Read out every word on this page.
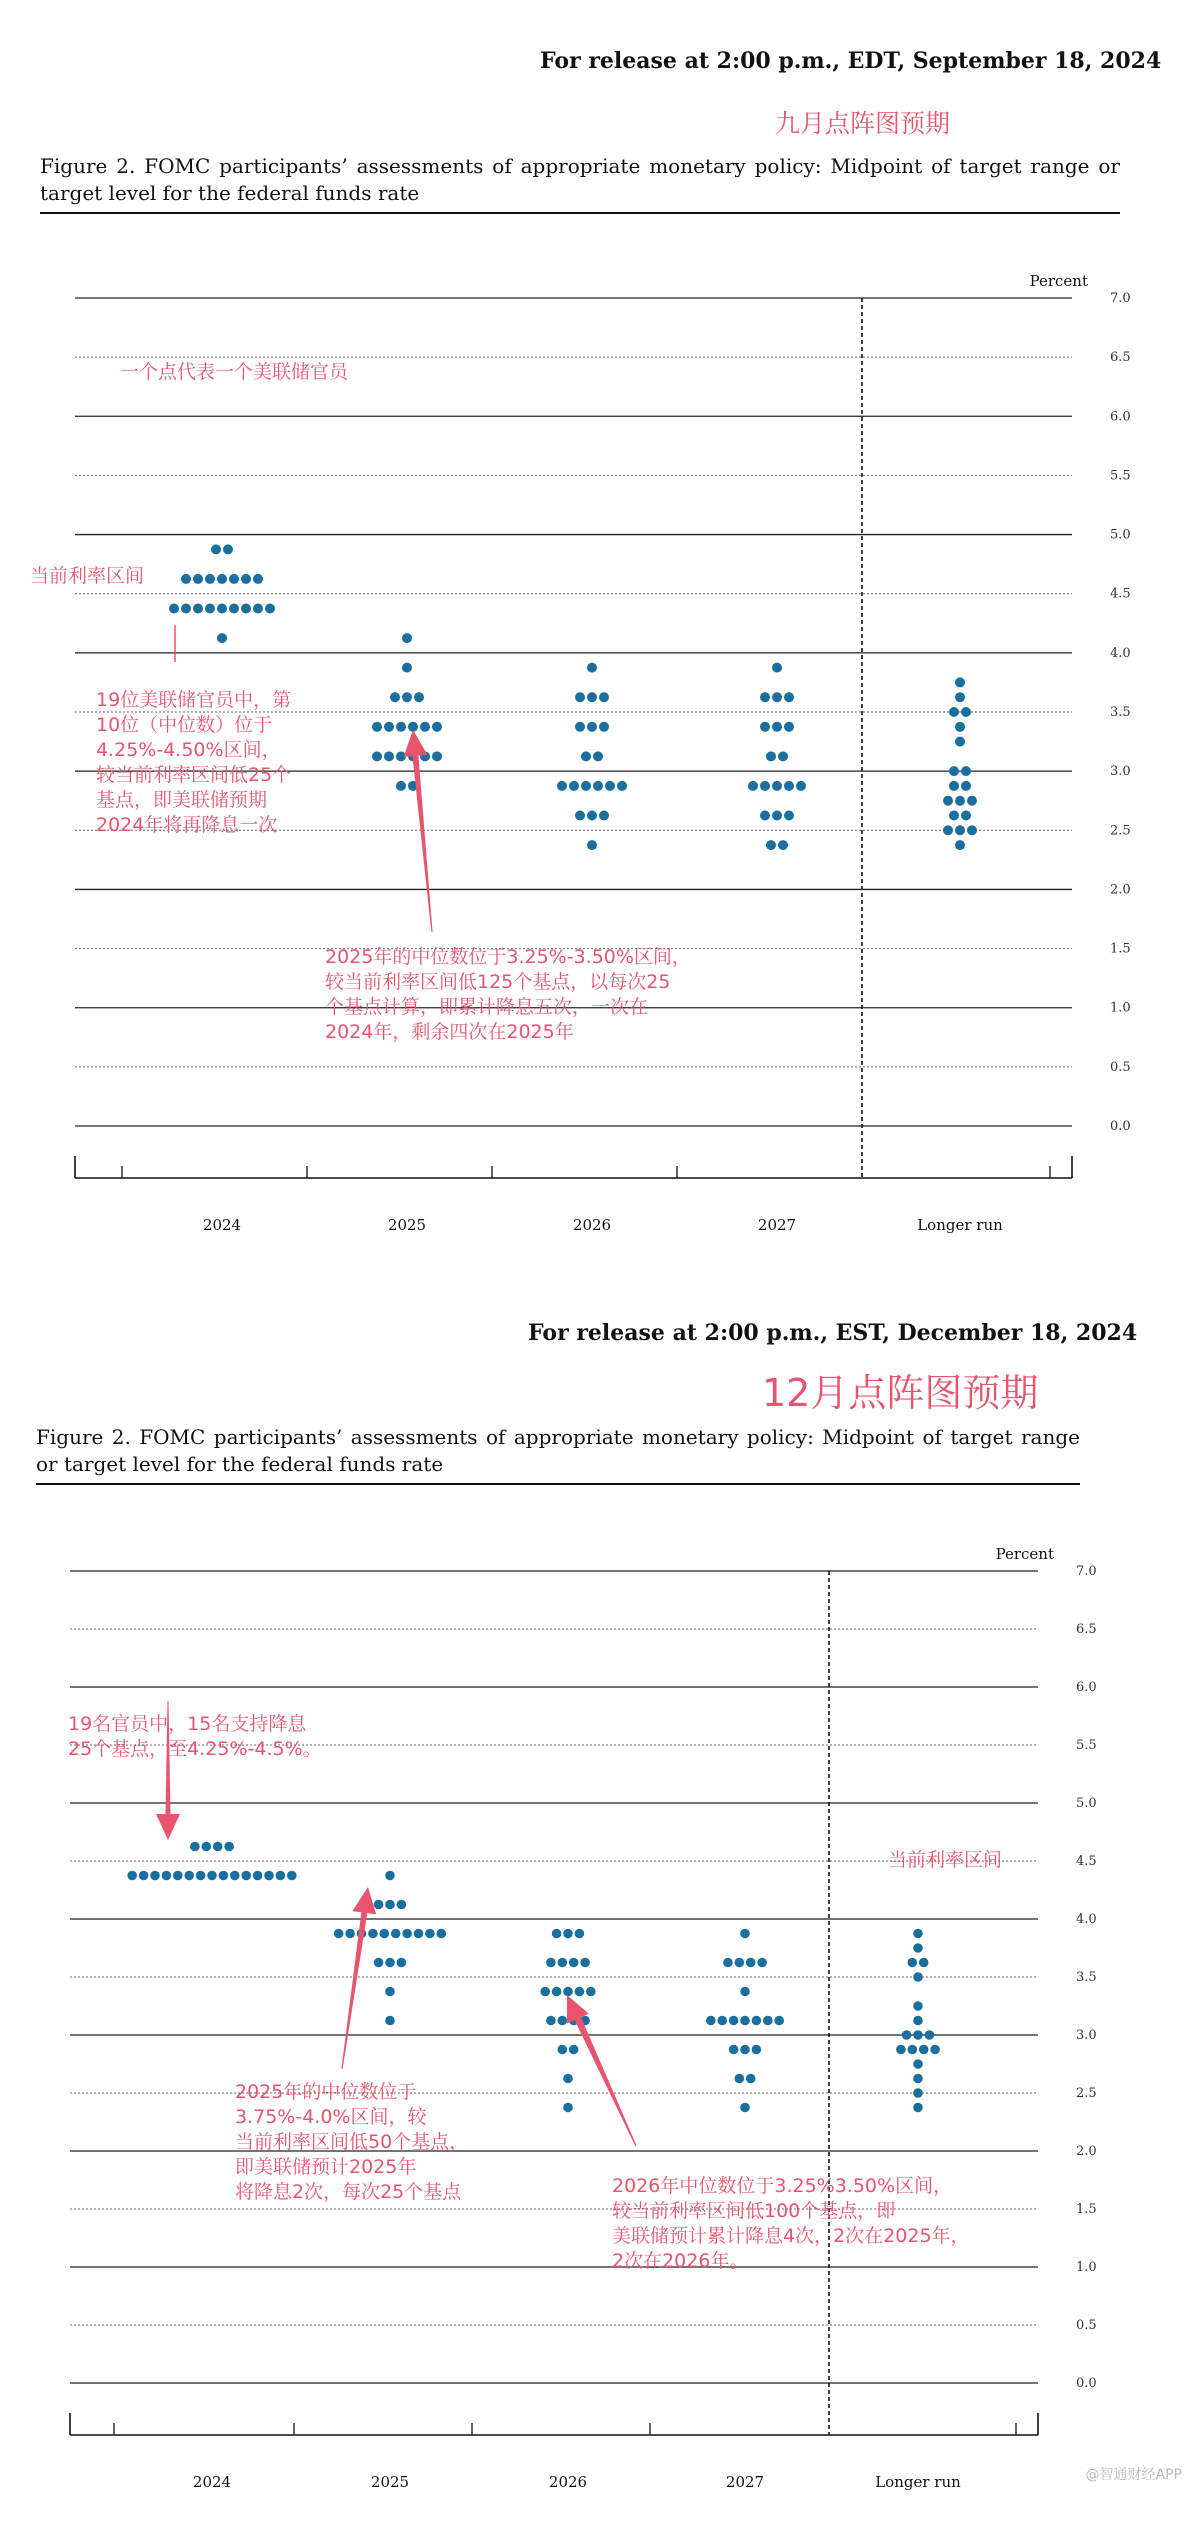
For release at 2:00 p.m., EDT, September 18, 2024
九月点阵图预期
Figure 2. FOMC participants’ assessments of appropriate monetary policy: Midpoint of target range or target level for the federal funds rate
Percent
0.0
0.5
1.0
1.5
2.0
2.5
3.0
3.5
4.0
4.5
5.0
5.5
6.0
6.5
7.0
2024	2025	2026	2027	Longer run
一个点代表一个美联储官员
当前利率区间
19位美联储官员中，第
10位（中位数）位于
4.25%-4.50%区间，
较当前利率区间低25个
基点，即美联储预期
2024年将再降息一次
2025年的中位数位于3.25%-3.50%区间，
较当前利率区间低125个基点，以每次25
个基点计算，即累计降息五次，一次在
2024年，剩余四次在2025年
For release at 2:00 p.m., EST, December 18, 2024
12月点阵图预期
Figure 2. FOMC participants’ assessments of appropriate monetary policy: Midpoint of target range or target level for the federal funds rate
Percent
0.0
0.5
1.0
1.5
2.0
2.5
3.0
3.5
4.0
4.5
5.0
5.5
6.0
6.5
7.0
2024	2025	2026	2027	Longer run
19名官员中，15名支持降息
25个基点，至4.25%-4.5%。
当前利率区间
2025年的中位数位于
3.75%-4.0%区间，较
当前利率区间低50个基点，
即美联储预计2025年
将降息2次，每次25个基点	2026年中位数位于3.25%3.50%区间，
较当前利率区间低100个基点，即
美联储预计累计降息4次，2次在2025年，
2次在2026年。
@智通财经APP
